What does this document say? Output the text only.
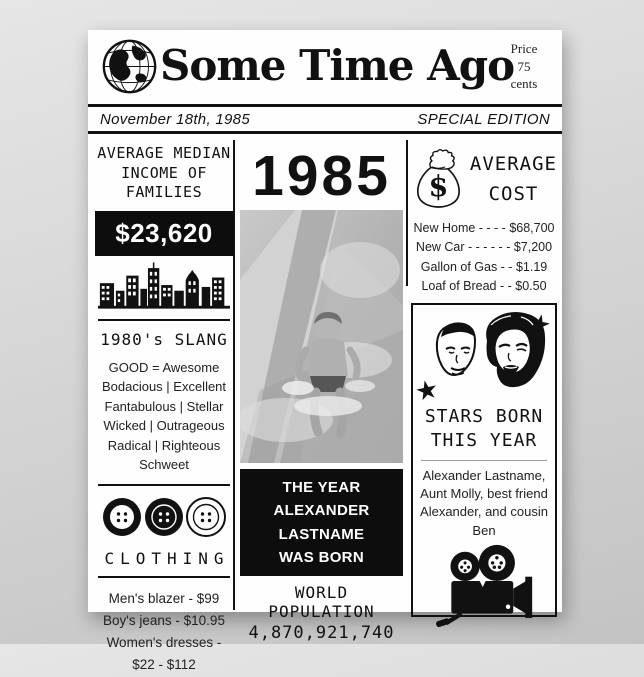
Some Time Ago
Price
75
cents
November 18th, 1985	SPECIAL EDITION
AVERAGE MEDIAN
INCOME OF
FAMILIES
$23,620
1980's SLANG
GOOD = Awesome
Bodacious | Excellent
Fantabulous | Stellar
Wicked | Outrageous
Radical | Righteous
Schweet
CLOTHING
Men's blazer - $99
Boy's jeans - $10.95
Women's dresses -
$22 - $112
1985
THE YEAR
ALEXANDER LASTNAME
WAS BORN
WORLD POPULATION
4,870,921,740
$
AVERAGE
COST
New Home - - - - $68,700
New Car - - - - - - $7,200
Gallon of Gas - - $1.19
Loaf of Bread - - $0.50
★
★
STARS BORN
THIS YEAR
Alexander Lastname, Aunt Molly, best friend Alexander, and cousin Ben
